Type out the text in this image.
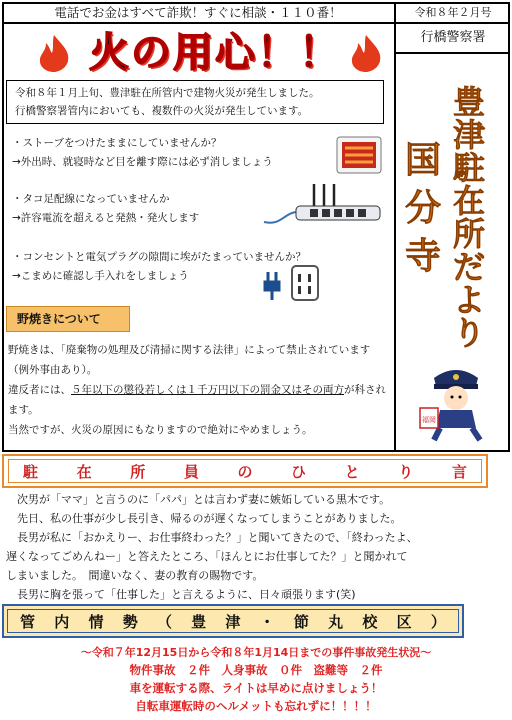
電話でお金はすべて詐欺！すぐに相談・１１０番！	令和８年２月号
行橋警察署
火の用心！！
令和８年１月上旬、豊津駐在所管内で建物火災が発生しました。
行橋警察署管内においても、複数件の火災が発生しています。
・ストーブをつけたままにしていませんか？
→外出時、就寝時など目を離す際には必ず消しましょう
・タコ足配線になっていませんか
→許容電流を超えると発熱・発火します
・コンセントと電気プラグの隙間に埃がたまっていませんか？
→こまめに確認し手入れをしましょう
野焼きについて
野焼きは、「廃棄物の処理及び清掃に関する法律」によって禁止されています（例外事由あり）。
違反者には、５年以下の懲役若しくは１千万円以下の罰金又はその両方が科されます。
当然ですが、火災の原因にもなりますので絶対にやめましょう。
豊
津
駐
在
所
だ
よ
り
国
分
寺
福岡
駐	在	所	員	の	ひ	と	り	言

次男が「ママ」と言うのに「パパ」とは言わず妻に嫉妬している黒木です。

先日、私の仕事が少し長引き、帰るのが遅くなってしまうことがありました。

長男が私に「おかえりー、お仕事終わった？」と聞いてきたので、「終わったよ、

遅くなってごめんねー」と答えたところ、「ほんとにお仕事してた？」と聞かれて

しまいました。　間違いなく、妻の教育の賜物です。

長男に胸を張って「仕事した」と言えるように、日々頑張ります(笑)

管 内 情 勢 （ 豊 津 ・ 節 丸 校 区 ）
～令和７年12月15日から令和８年1月14日までの事件事故発生状況～
物件事故　２件　人身事故　０件　盗難等　２件
車を運転する際、ライトは早めに点けましょう！
自転車運転時のヘルメットも忘れずに！！！！
